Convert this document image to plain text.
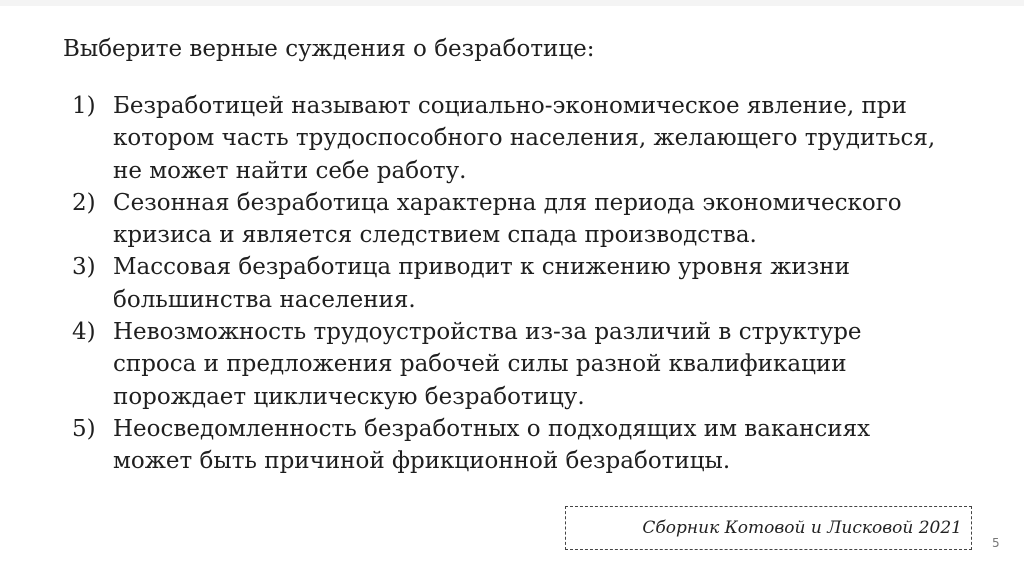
Выберите верные суждения о безработице:
1) Безработицей называют социально-экономическое явление, при
котором часть трудоспособного населения, желающего трудиться,
не может найти себе работу.
2) Сезонная безработица характерна для периода экономического
кризиса и является следствием спада производства.
3) Массовая безработица приводит к снижению уровня жизни
большинства населения.
4) Невозможность трудоустройства из-за различий в структуре
спроса и предложения рабочей силы разной квалификации
порождает циклическую безработицу.
5) Неосведомленность безработных о подходящих им вакансиях
может быть причиной фрикционной безработицы.
Сборник Котовой и Лисковой 2021
5
